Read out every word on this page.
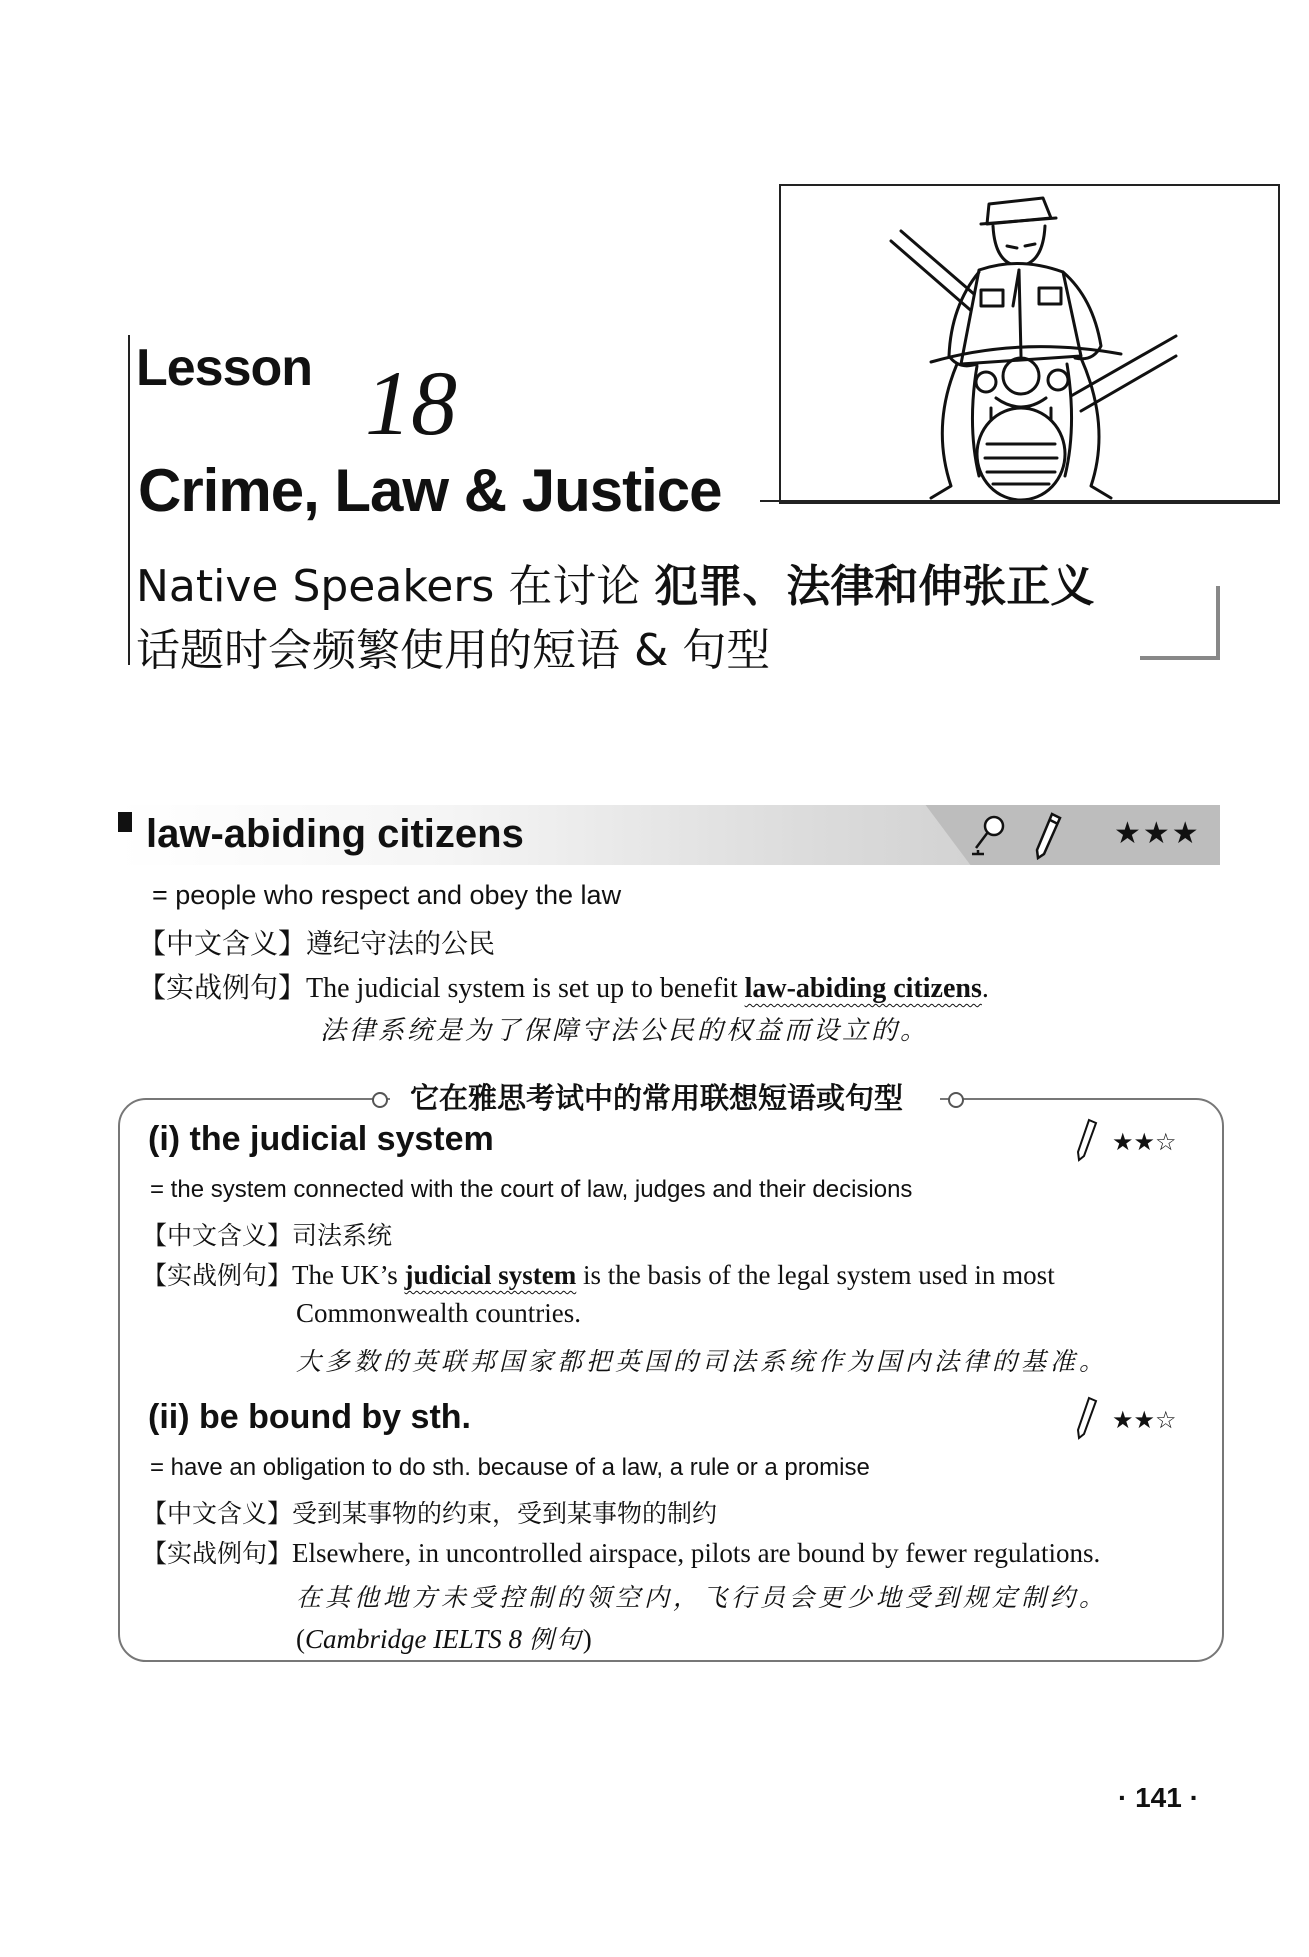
Lesson 18
Crime, Law & Justice
Native Speakers 在讨论 犯罪、法律和伸张正义
话题时会频繁使用的短语 & 句型
law-abiding citizens	★★★
= people who respect and obey the law
【中文含义】遵纪守法的公民
【实战例句】The judicial system is set up to benefit law-abiding citizens.
法律系统是为了保障守法公民的权益而设立的。
它在雅思考试中的常用联想短语或句型
(i) the judicial system	★★☆
= the system connected with the court of law, judges and their decisions
【中文含义】司法系统
【实战例句】The UK’s judicial system is the basis of the legal system used in most
Commonwealth countries.
大多数的英联邦国家都把英国的司法系统作为国内法律的基准。
(ii) be bound by sth.	★★☆
= have an obligation to do sth. because of a law, a rule or a promise
【中文含义】受到某事物的约束，受到某事物的制约
【实战例句】Elsewhere, in uncontrolled airspace, pilots are bound by fewer regulations.
在其他地方未受控制的领空内，飞行员会更少地受到规定制约。
(Cambridge IELTS 8 例句)
· 141 ·
